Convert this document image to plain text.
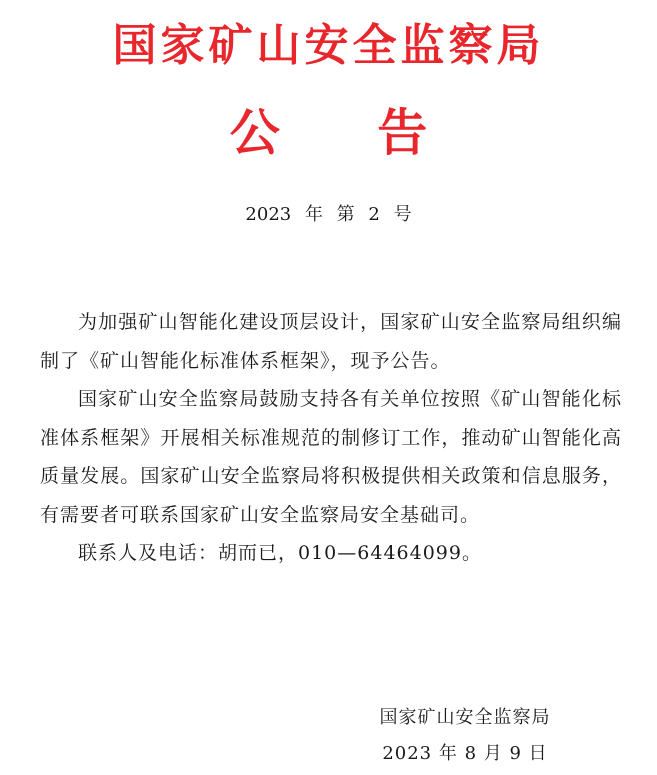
国家矿山安全监察局
公 告
2023 年 第 2 号

为加强矿山智能化建设顶层设计，国家矿山安全监察局组织编制了《矿山智能化标准体系框架》，现予公告。

国家矿山安全监察局鼓励支持各有关单位按照《矿山智能化标准体系框架》开展相关标准规范的制修订工作，推动矿山智能化高质量发展。国家矿山安全监察局将积极提供相关政策和信息服务，有需要者可联系国家矿山安全监察局安全基础司。

联系人及电话：胡而已，010—64464099。

国家矿山安全监察局
2023 年 8 月 9 日
